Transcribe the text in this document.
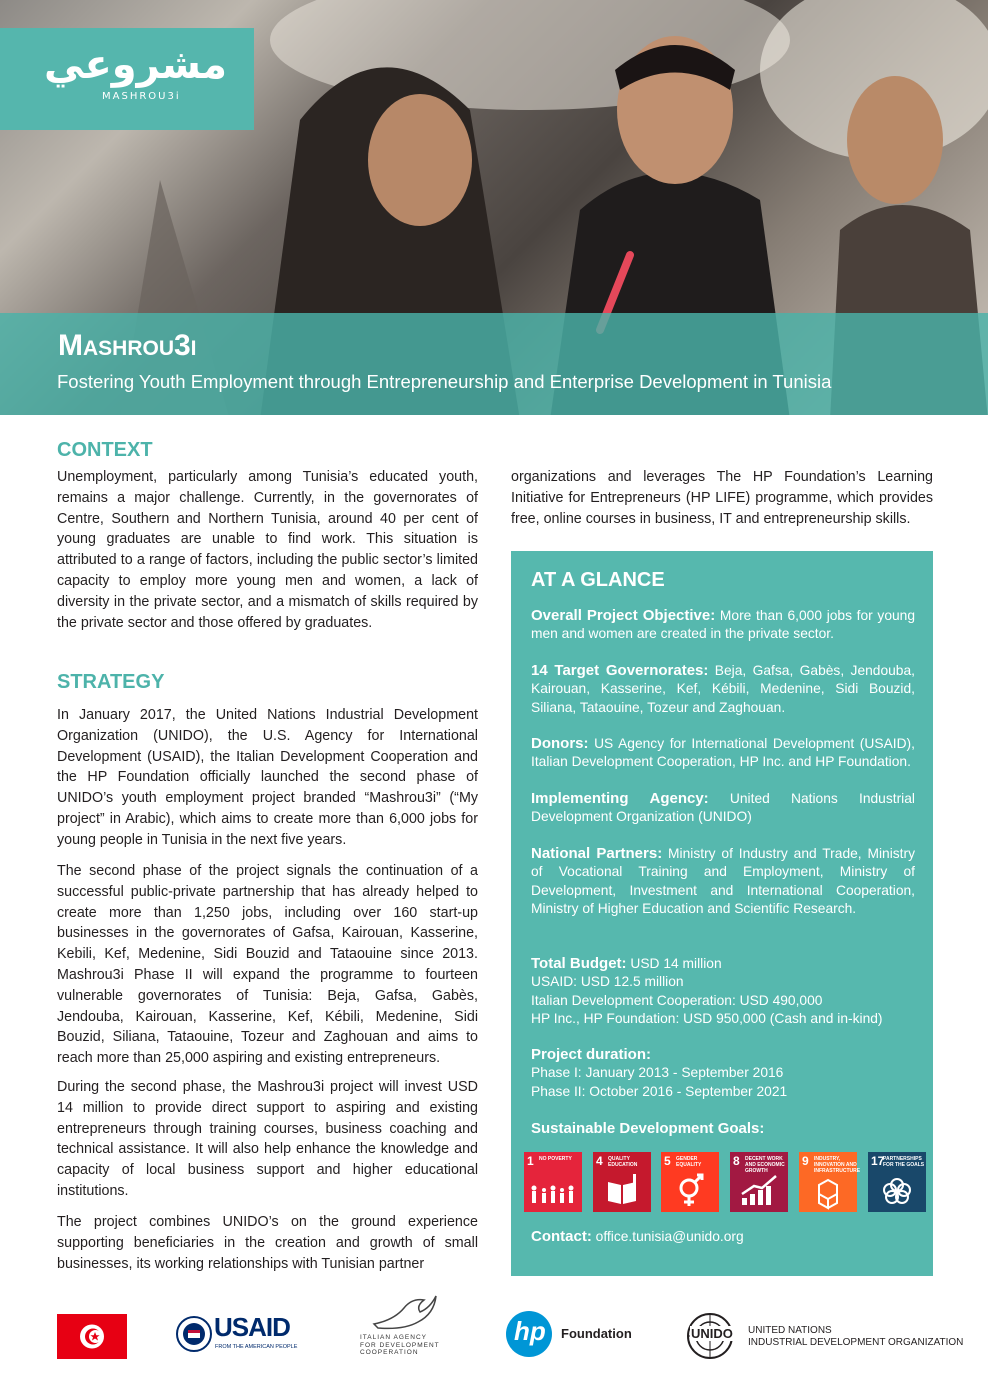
مشروعي
MASHROU3i
Mashrou3i
Fostering Youth Employment through Entrepreneurship and Enterprise Development in Tunisia
CONTEXT

Unemployment, particularly among Tunisia’s educated youth, remains a major challenge. Currently, in the governorates of Centre, Southern and Northern Tunisia, around 40 per cent of young graduates are unable to find work. This situation is attributed to a range of factors, including the public sector’s limited capacity to employ more young men and women, a lack of diversity in the private sector, and a mismatch of skills required by the private sector and those offered by graduates.

STRATEGY

In January 2017, the United Nations Industrial Development Organization (UNIDO), the U.S. Agency for International Development (USAID), the Italian Development Cooperation and the HP Foundation officially launched the second phase of UNIDO’s youth employment project branded “Mashrou3i” (“My project” in Arabic), which aims to create more than 6,000 jobs for young people in Tunisia in the next five years.

The second phase of the project signals the continuation of a successful public-private partnership that has already helped to create more than 1,250 jobs, including over 160 start-up businesses in the governorates of Gafsa, Kairouan, Kasserine, Kebili, Kef, Medenine, Sidi Bouzid and Tataouine since 2013. Mashrou3i Phase II will expand the programme to fourteen vulnerable governorates of Tunisia: Beja, Gafsa, Gabès, Jendouba, Kairouan, Kasserine, Kef, Kébili, Medenine, Sidi Bouzid, Siliana, Tataouine, Tozeur and Zaghouan and aims to reach more than 25,000 aspiring and existing entrepreneurs.

During the second phase, the Mashrou3i project will invest USD 14 million to provide direct support to aspiring and existing entrepreneurs through training courses, business coaching and technical assistance. It will also help enhance the knowledge and capacity of local business support and higher educational institutions.

The project combines UNIDO’s on the ground experience supporting beneficiaries in the creation and growth of small businesses, its working relationships with Tunisian partner

organizations and leverages The HP Foundation’s Learning Initiative for Entrepreneurs (HP LIFE) programme, which provides free, online courses in business, IT and entrepreneurship skills.

AT A GLANCE

Overall Project Objective: More than 6,000 jobs for young men and women are created in the private sector.

14 Target Governorates: Beja, Gafsa, Gabès, Jendouba, Kairouan, Kasserine, Kef, Kébili, Medenine, Sidi Bouzid, Siliana, Tataouine, Tozeur and Zaghouan.

Donors: US Agency for International Development (USAID), Italian Development Cooperation, HP Inc. and HP Foundation.

Implementing Agency: United Nations Industrial Development Organization (UNIDO)

National Partners: Ministry of Industry and Trade, Ministry of Vocational Training and Employment, Ministry of Development, Investment and International Cooperation, Ministry of Higher Education and Scientific Research.

Total Budget: USD 14 million
USAID: USD 12.5 million
Italian Development Cooperation: USD 490,000
HP Inc., HP Foundation: USD 950,000 (Cash and in-kind)

Project duration:
Phase I: January 2013 - September 2016
Phase II: October 2016 - September 2021

Sustainable Development Goals:

1 NO POVERTY 4 QUALITY EDUCATION	5 GENDER EQUALITY	8 DECENT WORK AND ECONOMIC GROWTH
9 INDUSTRY, INNOVATION AND INFRASTRUCTURE
17
PARTNERSHIPS FOR THE GOALS

Contact: office.tunisia@unido.org

USAID
FROM THE AMERICAN PEOPLE
ITALIAN AGENCY
FOR DEVELOPMENT
COOPERATION
hp Foundation	UNIDO UNITED NATIONS
INDUSTRIAL DEVELOPMENT ORGANIZATION
